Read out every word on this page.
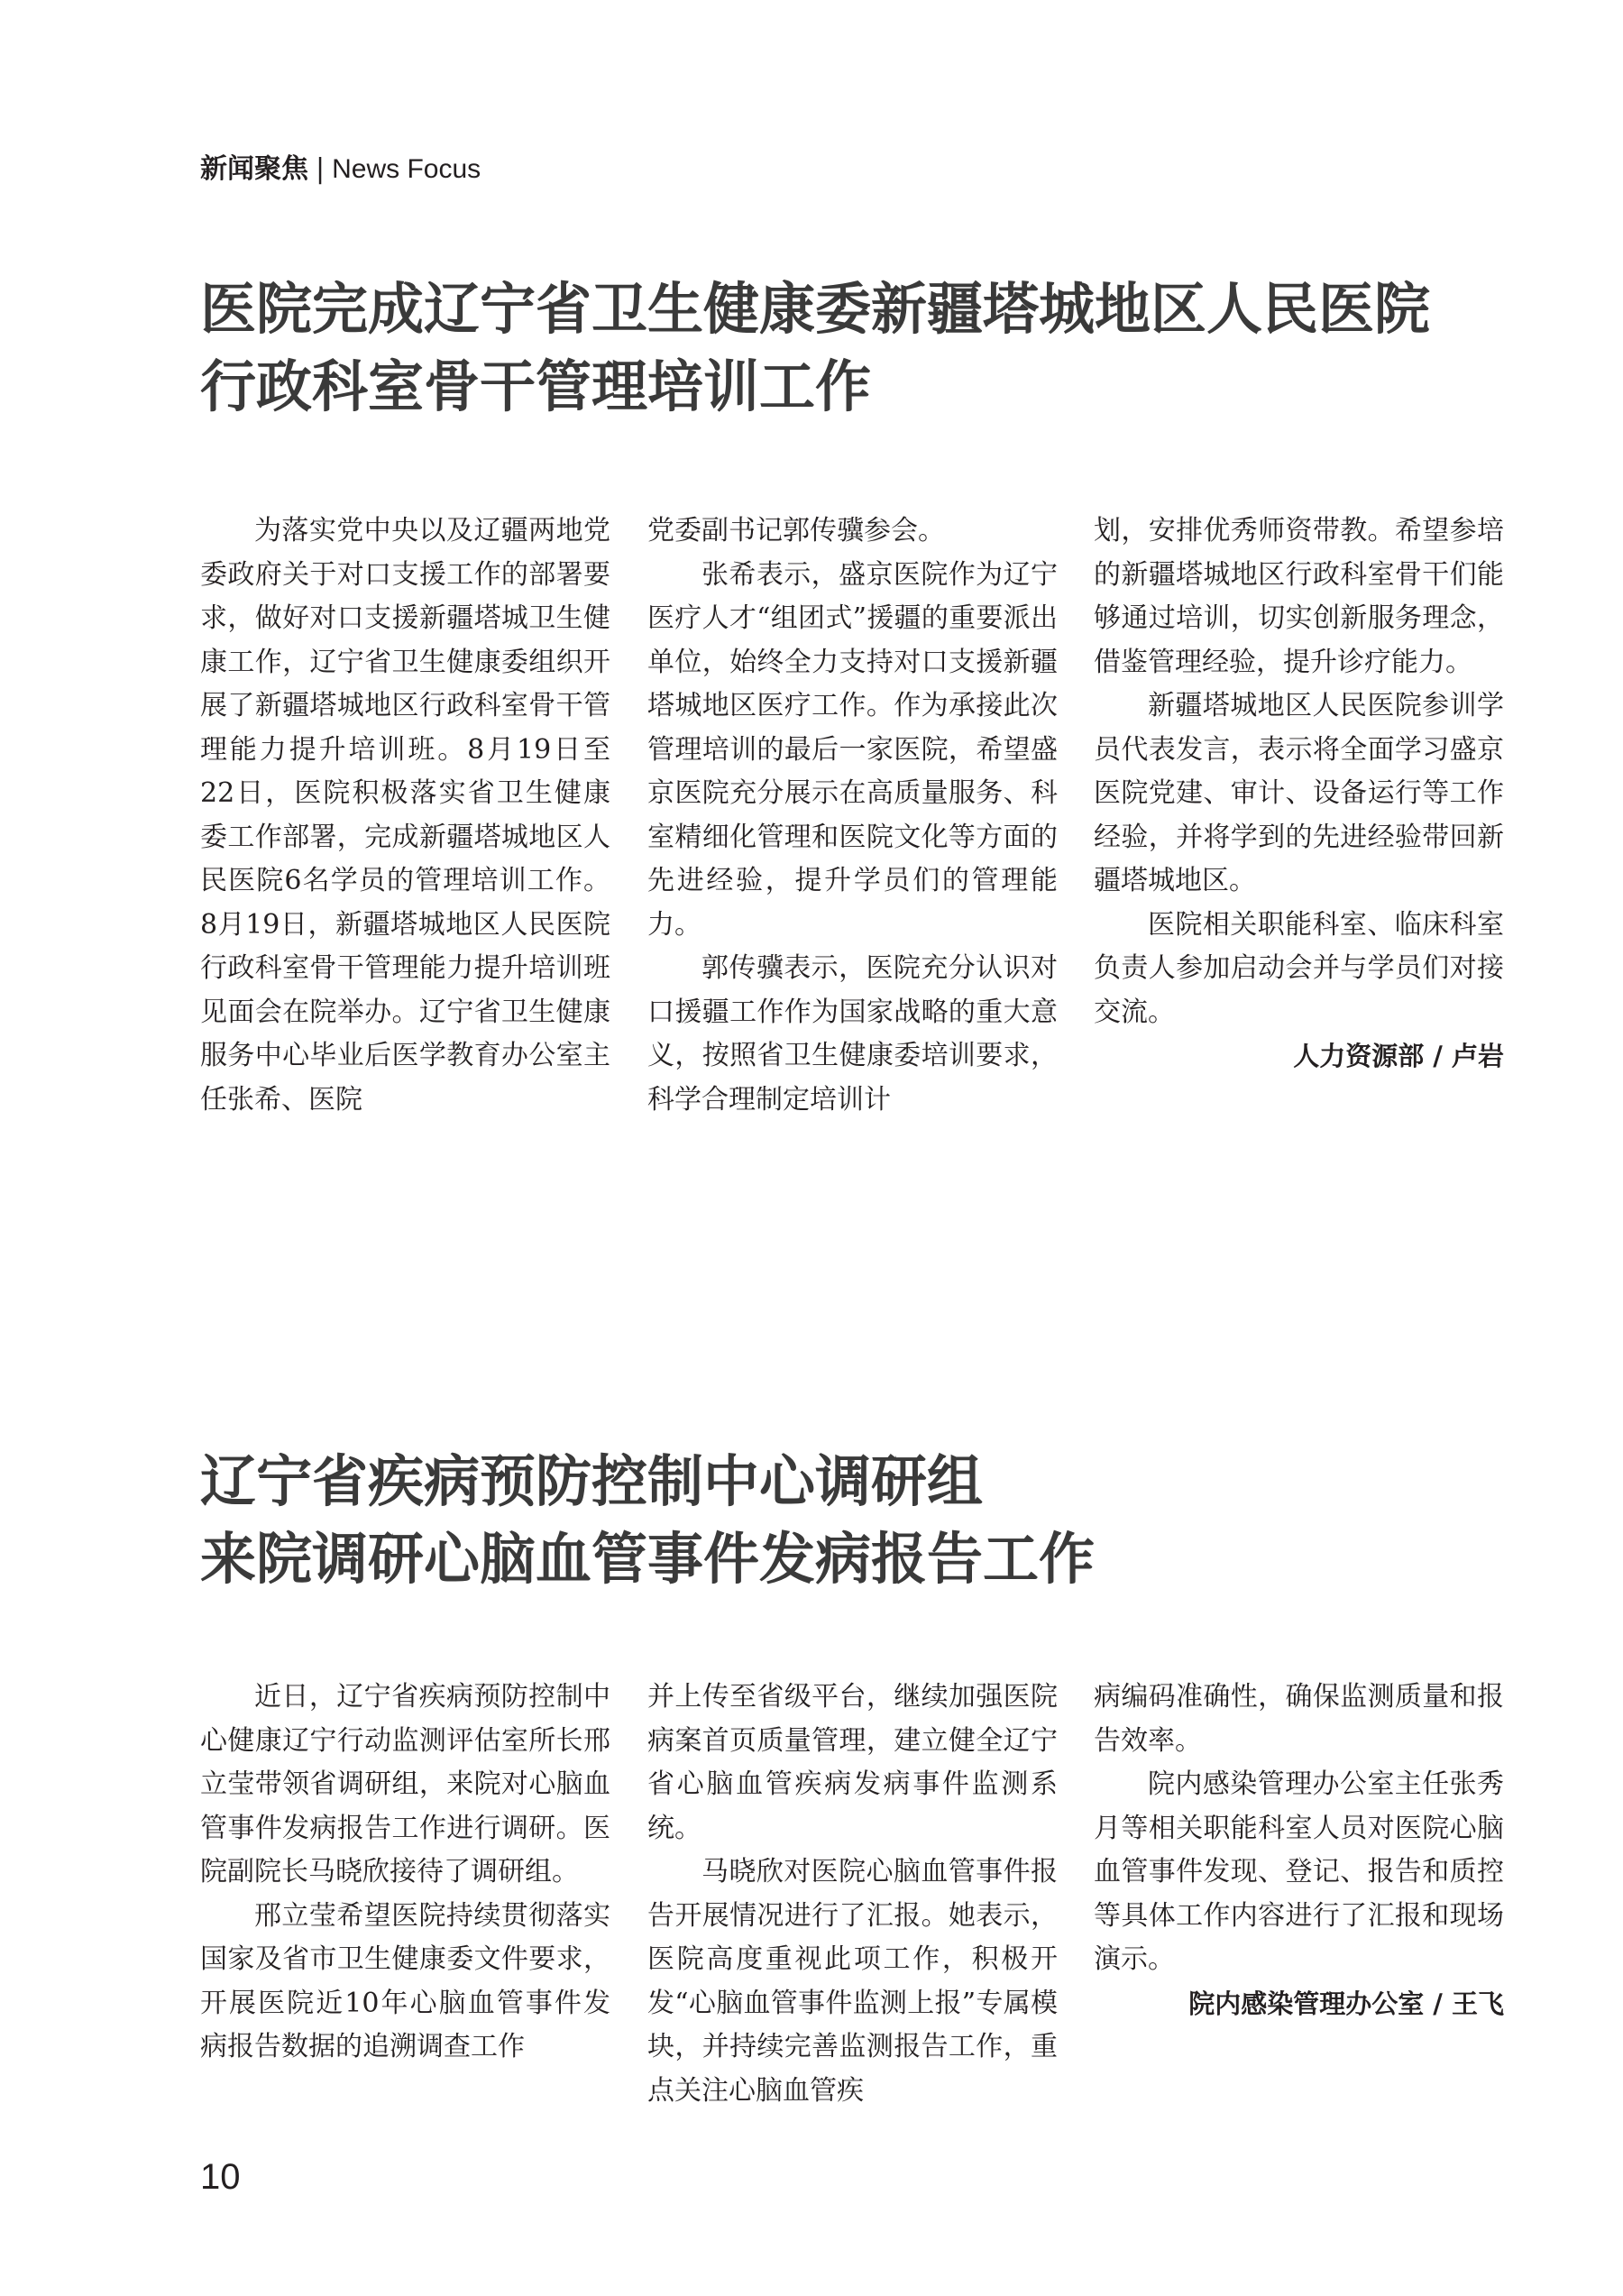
新闻聚焦 | News Focus
医院完成辽宁省卫生健康委新疆塔城地区人民医院
行政科室骨干管理培训工作

为落实党中央以及辽疆两地党委政府关于对口支援工作的部署要求，做好对口支援新疆塔城卫生健康工作，辽宁省卫生健康委组织开展了新疆塔城地区行政科室骨干管理能力提升培训班。8月19日至22日，医院积极落实省卫生健康委工作部署，完成新疆塔城地区人民医院6名学员的管理培训工作。8月19日，新疆塔城地区人民医院行政科室骨干管理能力提升培训班见面会在院举办。辽宁省卫生健康服务中心毕业后医学教育办公室主任张希、医院

党委副书记郭传骥参会。

张希表示，盛京医院作为辽宁医疗人才“组团式”援疆的重要派出单位，始终全力支持对口支援新疆塔城地区医疗工作。作为承接此次管理培训的最后一家医院，希望盛京医院充分展示在高质量服务、科室精细化管理和医院文化等方面的先进经验，提升学员们的管理能力。

郭传骥表示，医院充分认识对口援疆工作作为国家战略的重大意义，按照省卫生健康委培训要求，科学合理制定培训计

划，安排优秀师资带教。希望参培的新疆塔城地区行政科室骨干们能够通过培训，切实创新服务理念，借鉴管理经验，提升诊疗能力。

新疆塔城地区人民医院参训学员代表发言，表示将全面学习盛京医院党建、审计、设备运行等工作经验，并将学到的先进经验带回新疆塔城地区。

医院相关职能科室、临床科室负责人参加启动会并与学员们对接交流。

人力资源部 / 卢岩

辽宁省疾病预防控制中心调研组
来院调研心脑血管事件发病报告工作

近日，辽宁省疾病预防控制中心健康辽宁行动监测评估室所长邢立莹带领省调研组，来院对心脑血管事件发病报告工作进行调研。医院副院长马晓欣接待了调研组。

邢立莹希望医院持续贯彻落实国家及省市卫生健康委文件要求，开展医院近10年心脑血管事件发病报告数据的追溯调查工作

并上传至省级平台，继续加强医院病案首页质量管理，建立健全辽宁省心脑血管疾病发病事件监测系统。

马晓欣对医院心脑血管事件报告开展情况进行了汇报。她表示，医院高度重视此项工作，积极开发“心脑血管事件监测上报”专属模块，并持续完善监测报告工作，重点关注心脑血管疾

病编码准确性，确保监测质量和报告效率。

院内感染管理办公室主任张秀月等相关职能科室人员对医院心脑血管事件发现、登记、报告和质控等具体工作内容进行了汇报和现场演示。

院内感染管理办公室 / 王飞

10
